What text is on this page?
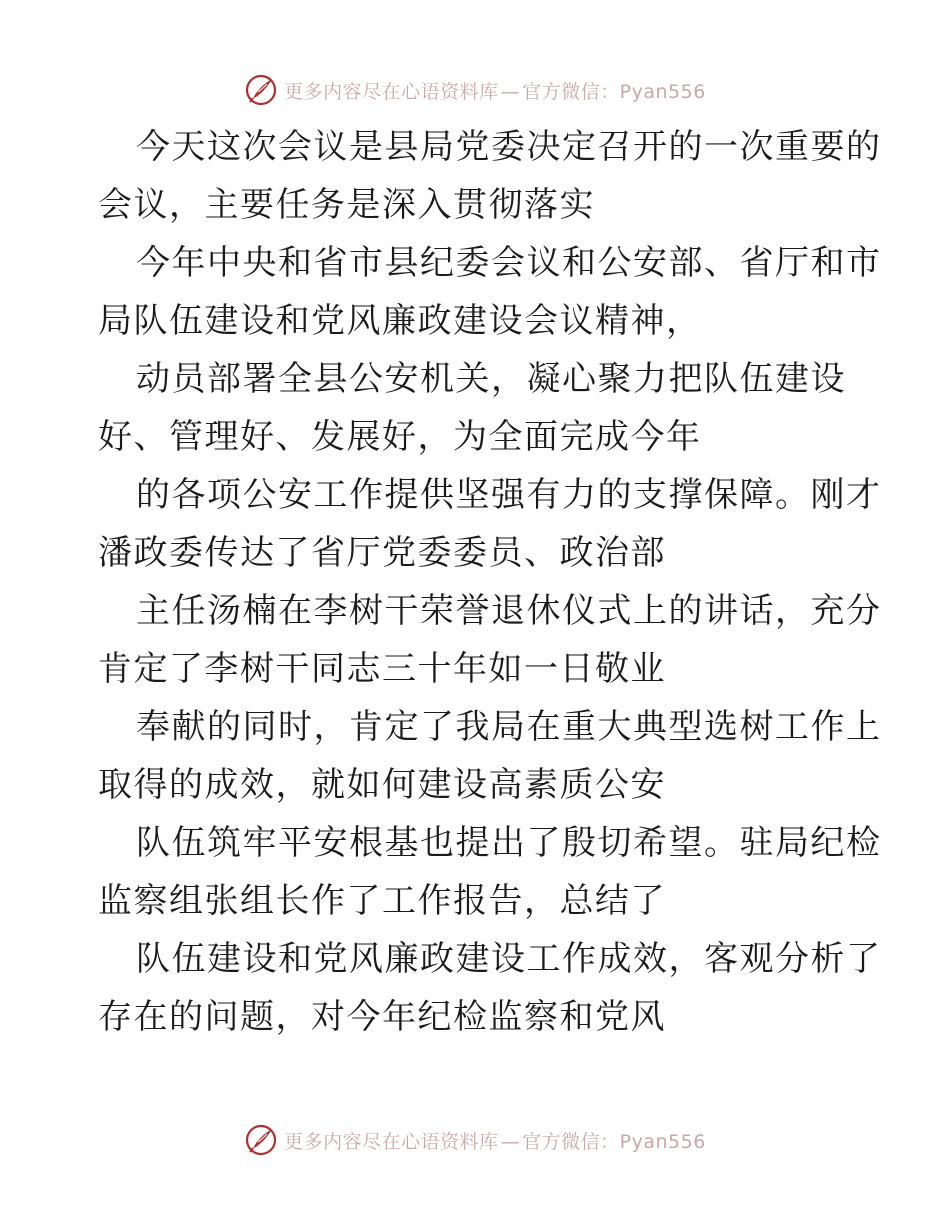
更多内容尽在心语资料库 — 官方微信：Pyan556

今天这次会议是县局党委决定召开的一次重要的
会议，主要任务是深入贯彻落实

今年中央和省市县纪委会议和公安部、省厅和市
局队伍建设和党风廉政建设会议精神，

动员部署全县公安机关，凝心聚力把队伍建设
好、管理好、发展好，为全面完成今年

的各项公安工作提供坚强有力的支撑保障。刚才
潘政委传达了省厅党委委员、政治部

主任汤楠在李树干荣誉退休仪式上的讲话，充分
肯定了李树干同志三十年如一日敬业

奉献的同时，肯定了我局在重大典型选树工作上
取得的成效，就如何建设高素质公安

队伍筑牢平安根基也提出了殷切希望。驻局纪检
监察组张组长作了工作报告，总结了

队伍建设和党风廉政建设工作成效，客观分析了
存在的问题，对今年纪检监察和党风

更多内容尽在心语资料库 — 官方微信：Pyan556
